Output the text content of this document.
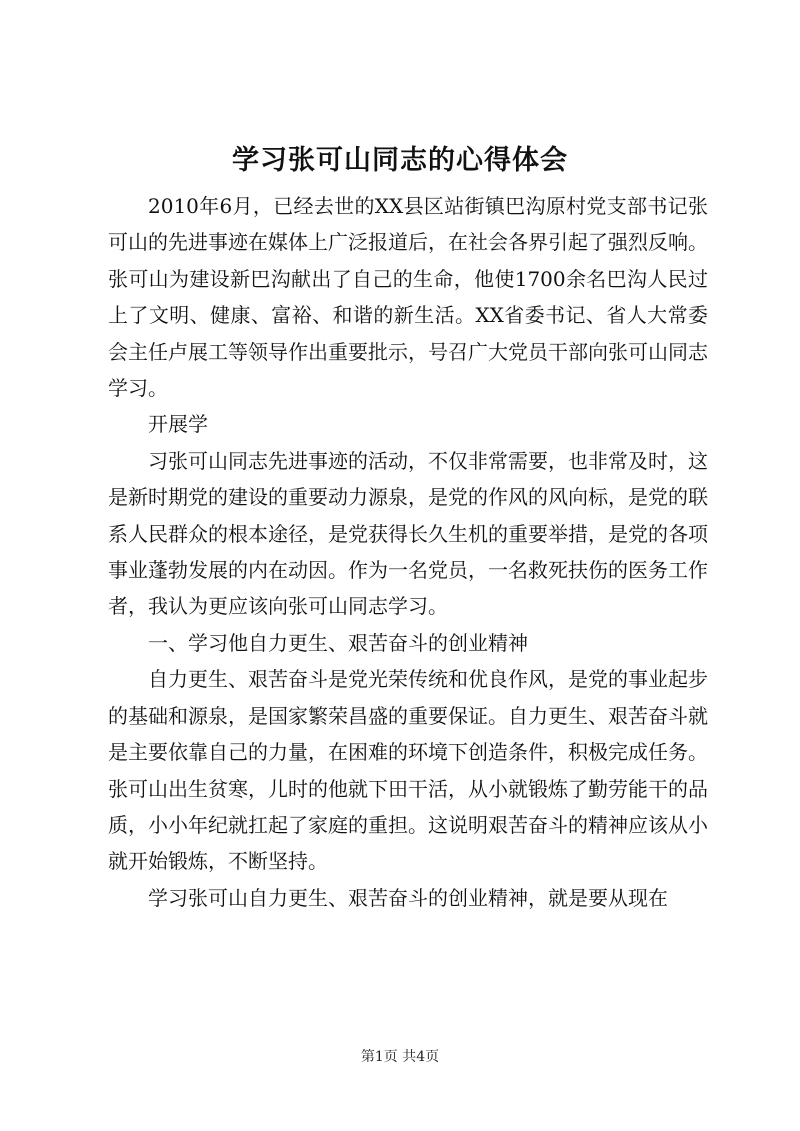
学习张可山同志的心得体会

2010年6月，已经去世的XX县区站街镇巴沟原村党支部书记张可山的先进事迹在媒体上广泛报道后，在社会各界引起了强烈反响。张可山为建设新巴沟献出了自己的生命，他使1700余名巴沟人民过上了文明、健康、富裕、和谐的新生活。XX省委书记、省人大常委会主任卢展工等领导作出重要批示，号召广大党员干部向张可山同志学习。

开展学

习张可山同志先进事迹的活动，不仅非常需要，也非常及时，这是新时期党的建设的重要动力源泉，是党的作风的风向标，是党的联系人民群众的根本途径，是党获得长久生机的重要举措，是党的各项事业蓬勃发展的内在动因。作为一名党员，一名救死扶伤的医务工作者，我认为更应该向张可山同志学习。

一、学习他自力更生、艰苦奋斗的创业精神

自力更生、艰苦奋斗是党光荣传统和优良作风，是党的事业起步的基础和源泉，是国家繁荣昌盛的重要保证。自力更生、艰苦奋斗就是主要依靠自己的力量，在困难的环境下创造条件，积极完成任务。张可山出生贫寒，儿时的他就下田干活，从小就锻炼了勤劳能干的品质，小小年纪就扛起了家庭的重担。这说明艰苦奋斗的精神应该从小就开始锻炼，不断坚持。

学习张可山自力更生、艰苦奋斗的创业精神，就是要从现在

第1页 共4页
